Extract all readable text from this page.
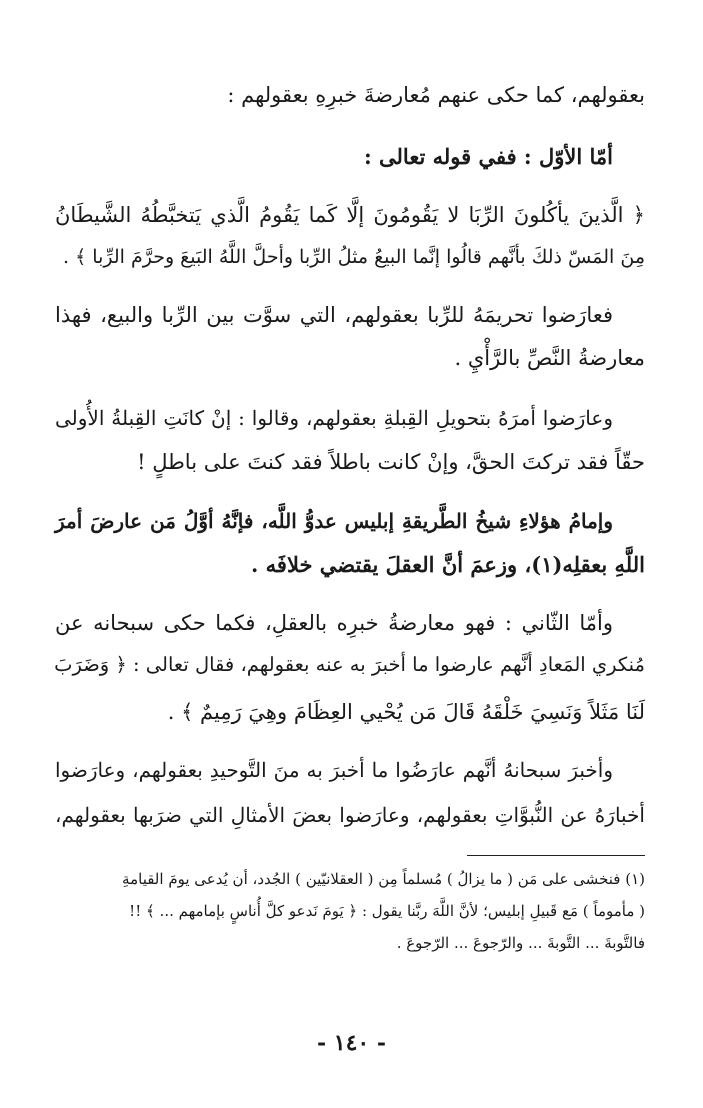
بعقولهم، كما حكى عنهم مُعارضةَ خبرِهِ بعقولهم :
أمّا الأوّل : ففي قوله تعالى :
﴿ الَّذينَ يأكُلونَ الرِّبَا لا يَقُومُونَ إلَّا كَما يَقُومُ الَّذي يَتخبَّطُهُ الشَّيطَانُ
مِنَ المَسّ ذلكَ بأنَّهم قالُوا إنَّما البيعُ مثلُ الرِّبا وأحلَّ اللَّهُ البَيعَ وحرَّمَ الرِّبا ﴾ .
فعارَضوا تحريمَهُ للرِّبا بعقولهم، التي سوَّت بين الرِّبا والبيع، فهذا
معارضةُ النَّصِّ بالرَّأْيِ .
وعارَضوا أمرَهُ بتحويلِ القِبلةِ بعقولهم، وقالوا : إنْ كانَتِ القِبلةُ الأُولى
حقّاً فقد تركتَ الحقَّ، وإنْ كانت باطلاً فقد كنتَ على باطلٍ !
وإمامُ هؤلاءِ شيخُ الطَّريقةِ إبليس عدوُّ اللَّه، فإنَّهُ أوَّلُ مَن عارضَ أمرَ
اللَّهِ بعقلِه(١)، وزعمَ أنَّ العقلَ يقتضي خلافَه .
وأمّا الثّاني : فهو معارضةُ خبرِه بالعقلِ، فكما حكى سبحانه عن
مُنكري المَعادِ أنَّهم عارضوا ما أخبرَ به عنه بعقولهم، فقال تعالى : ﴿ وَضَرَبَ
لَنَا مَثَلاً وَنَسِيَ خَلْقَهُ قَالَ مَن يُحْيي العِظَامَ وهِيَ رَمِيمٌ ﴾ .
وأخبرَ سبحانهُ أنَّهم عارَضُوا ما أخبرَ به منَ التَّوحيدِ بعقولهم، وعارَضوا
أخبارَهُ عن النُّبوَّاتِ بعقولهم، وعارَضوا بعضَ الأمثالِ التي ضرَبها بعقولهم،
(١) فنخشى على مَن ( ما يزالُ ) مُسلماً مِن ( العقلانيّين ) الجُدد، أن يُدعى يومَ القيامةِ
( مأموماً ) مَع قَبيلِ إبليس؛ لأنَّ اللَّهَ ربَّنا يقول : ﴿ يَومَ نَدعو كلَّ أُناسٍ بإمامهم ... ﴾ !!
فالتَّوبةَ ... التَّوبةَ ... والرّجوعَ ... الرّجوعَ .
- ١٤٠ -
